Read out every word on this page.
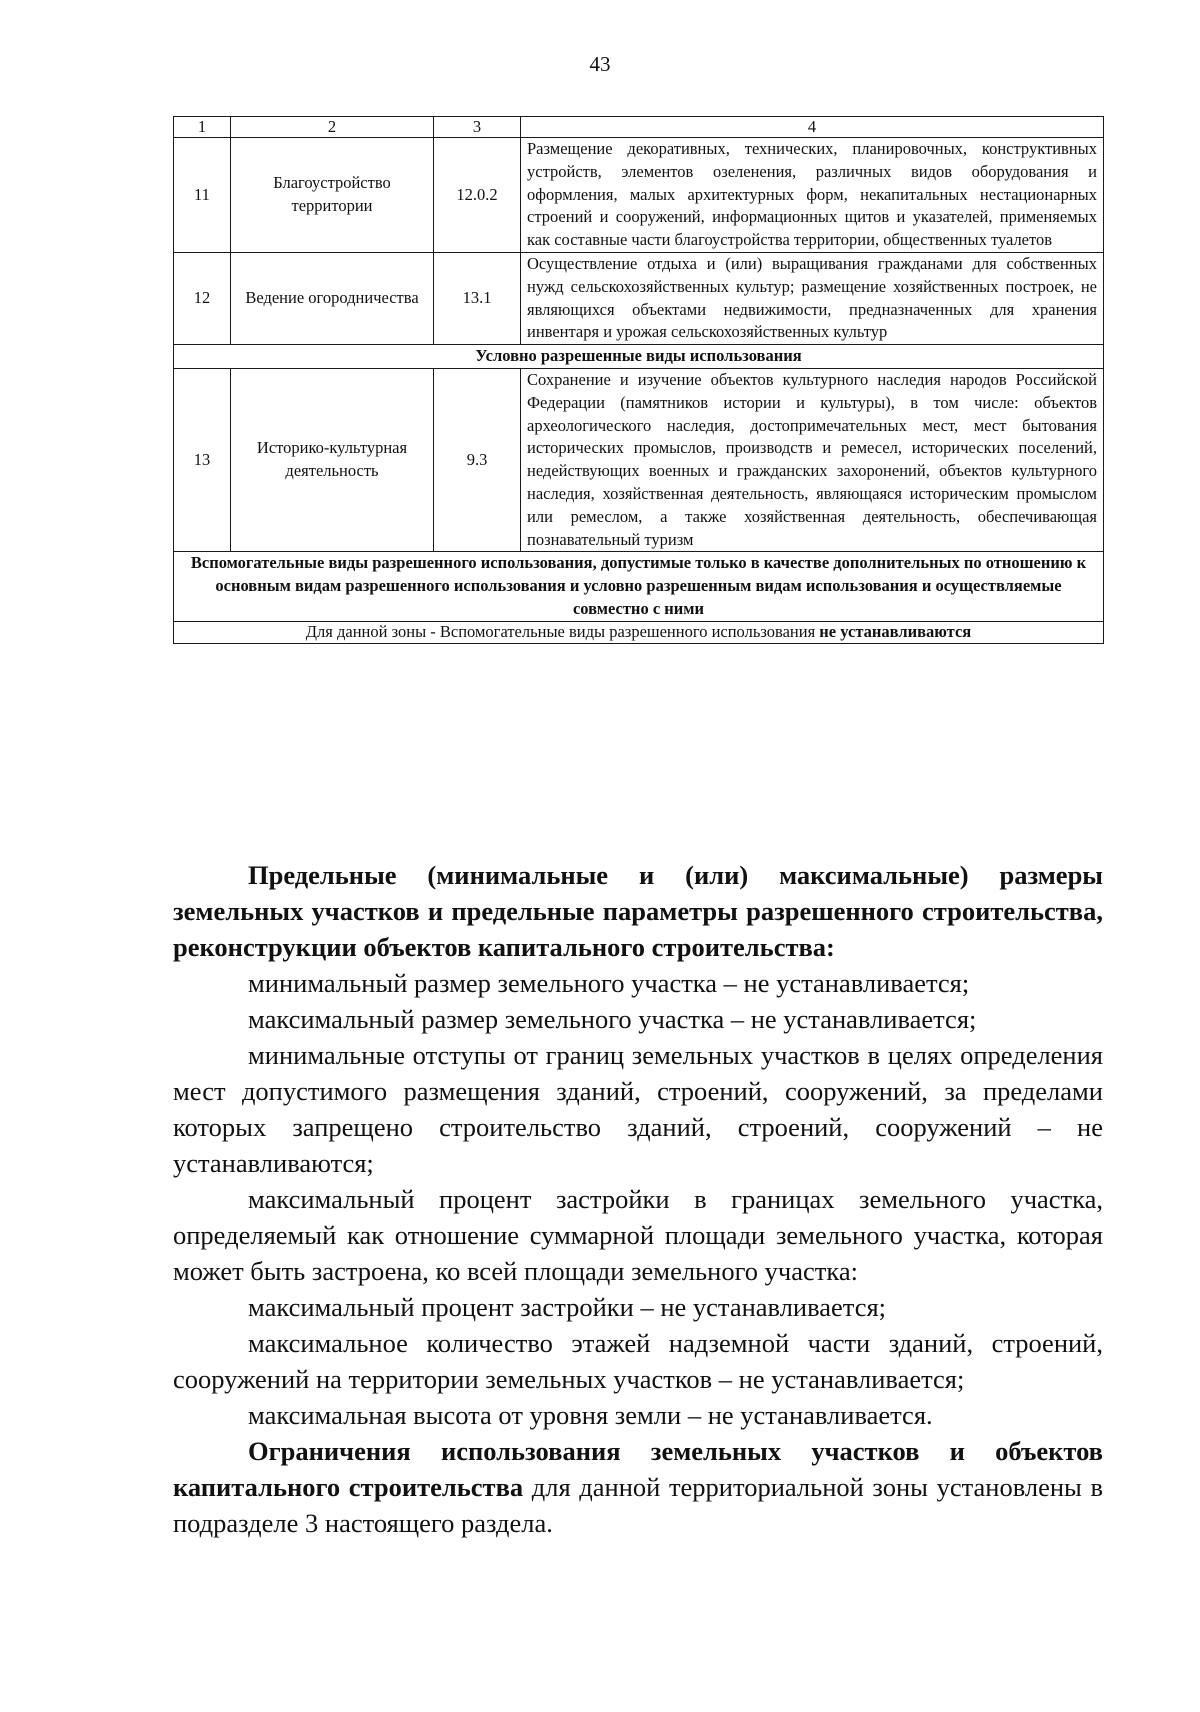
43
1	2	3	4
11	Благоустройство территории	12.0.2	Размещение декоративных, технических, планировочных, конструктивных устройств, элементов озеленения, различных видов оборудования и оформления, малых архитектурных форм, некапитальных нестационарных строений и сооружений, информационных щитов и указателей, применяемых как составные части благоустройства территории, общественных туалетов
12	Ведение огородничества	13.1	Осуществление отдыха и (или) выращивания гражданами для собственных нужд сельскохозяйственных культур; размещение хозяйственных построек, не являющихся объектами недвижимости, предназначенных для хранения инвентаря и урожая сельскохозяйственных культур
Условно разрешенные виды использования			
13	Историко-культурная деятельность	9.3	Сохранение и изучение объектов культурного наследия народов Российской Федерации (памятников истории и культуры), в том числе: объектов археологического наследия, достопримечательных мест, мест бытования исторических промыслов, производств и ремесел, исторических поселений, недействующих военных и гражданских захоронений, объектов культурного наследия, хозяйственная деятельность, являющаяся историческим промыслом или ремеслом, а также хозяйственная деятельность, обеспечивающая познавательный туризм
Вспомогательные виды разрешенного использования, допустимые только в качестве дополнительных по отношению к основным видам разрешенного использования и условно разрешенным видам использования и осуществляемые совместно с ними			
Для данной зоны - Вспомогательные виды разрешенного использования не устанавливаются			

Предельные (минимальные и (или) максимальные) размеры земельных участков и предельные параметры разрешенного строительства, реконструкции объектов капитального строительства:

минимальный размер земельного участка – не устанавливается;

максимальный размер земельного участка – не устанавливается;

минимальные отступы от границ земельных участков в целях определения мест допустимого размещения зданий, строений, сооружений, за пределами которых запрещено строительство зданий, строений, сооружений – не устанавливаются;

максимальный процент застройки в границах земельного участка, определяемый как отношение суммарной площади земельного участка, которая может быть застроена, ко всей площади земельного участка:

максимальный процент застройки – не устанавливается;

максимальное количество этажей надземной части зданий, строений, сооружений на территории земельных участков – не устанавливается;

максимальная высота от уровня земли – не устанавливается.

Ограничения использования земельных участков и объектов капитального строительства для данной территориальной зоны установлены в подразделе 3 настоящего раздела.
